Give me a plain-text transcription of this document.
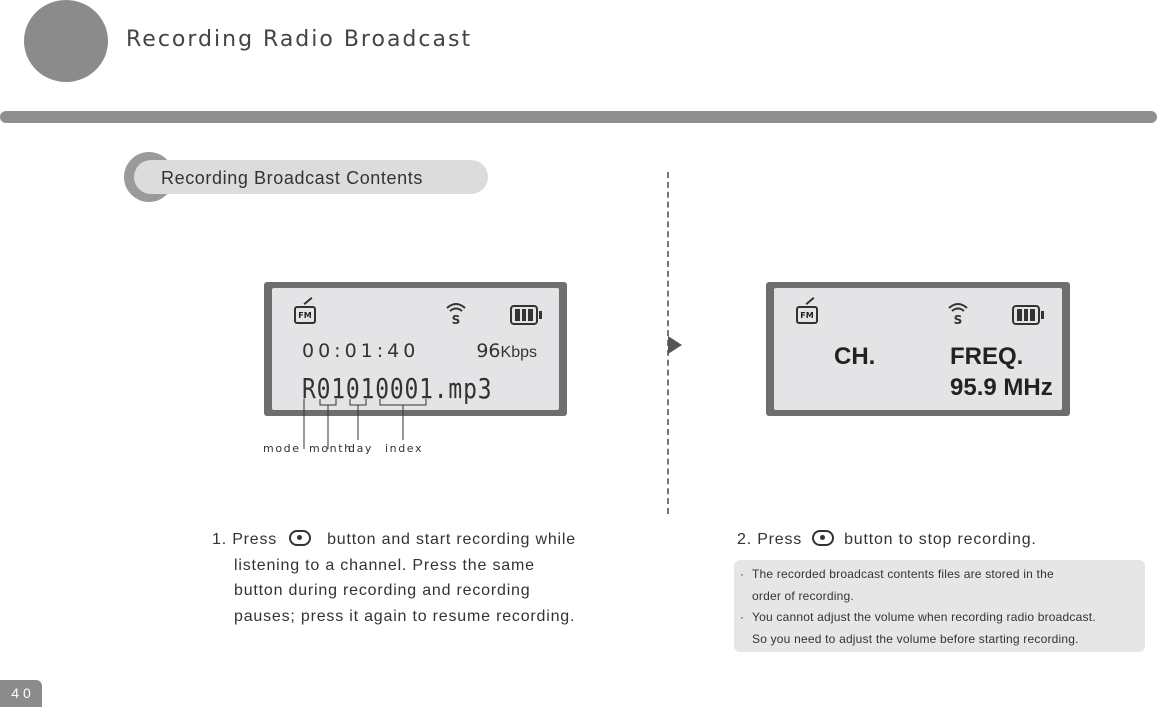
Recording Radio Broadcast
Recording Broadcast Contents
FM	S
00:01:40	96Kbps
R01010001.mp3
mode month
day index
FM	S
CH.	FREQ.
95.9 MHz
1. Press	button and start recording while
listening to a channel. Press the same
button during recording and recording
pauses; press it again to resume recording.
2. Press	button to stop recording.
· The recorded broadcast contents files are stored in the
order of recording.
· You cannot adjust the volume when recording radio broadcast.
So you need to adjust the volume before starting recording.
40
